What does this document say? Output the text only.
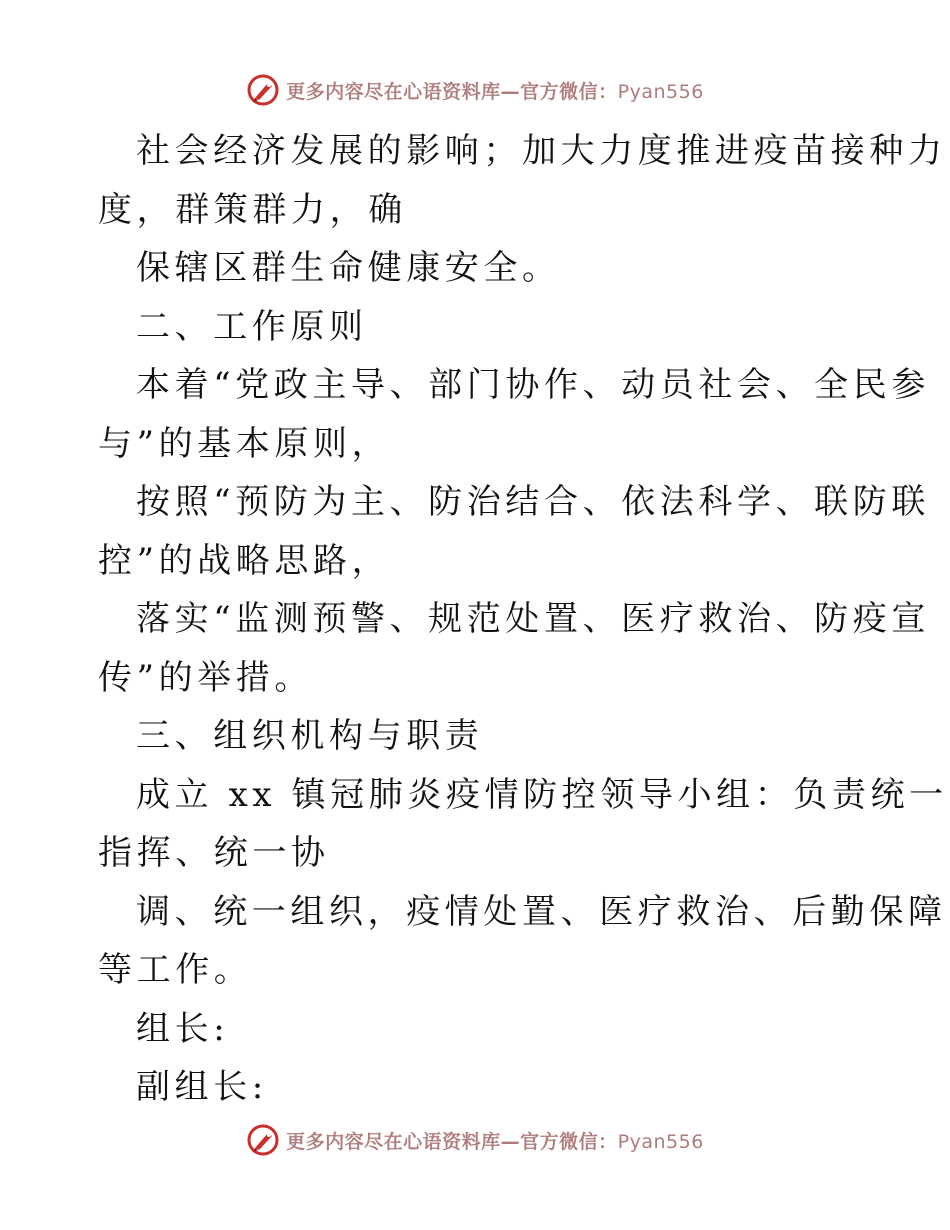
更多内容尽在心语资料库—官方微信：Pyan556

社会经济发展的影响；加大力度推进疫苗接种力

度，群策群力，确

保辖区群生命健康安全。

二、工作原则

本着“党政主导、部门协作、动员社会、全民参

与”的基本原则，

按照“预防为主、防治结合、依法科学、联防联

控”的战略思路，

落实“监测预警、规范处置、医疗救治、防疫宣

传”的举措。

三、组织机构与职责

成立 xx 镇冠肺炎疫情防控领导小组：负责统一

指挥、统一协

调、统一组织，疫情处置、医疗救治、后勤保障

等工作。

组长:

副组长:

更多内容尽在心语资料库—官方微信：Pyan556
